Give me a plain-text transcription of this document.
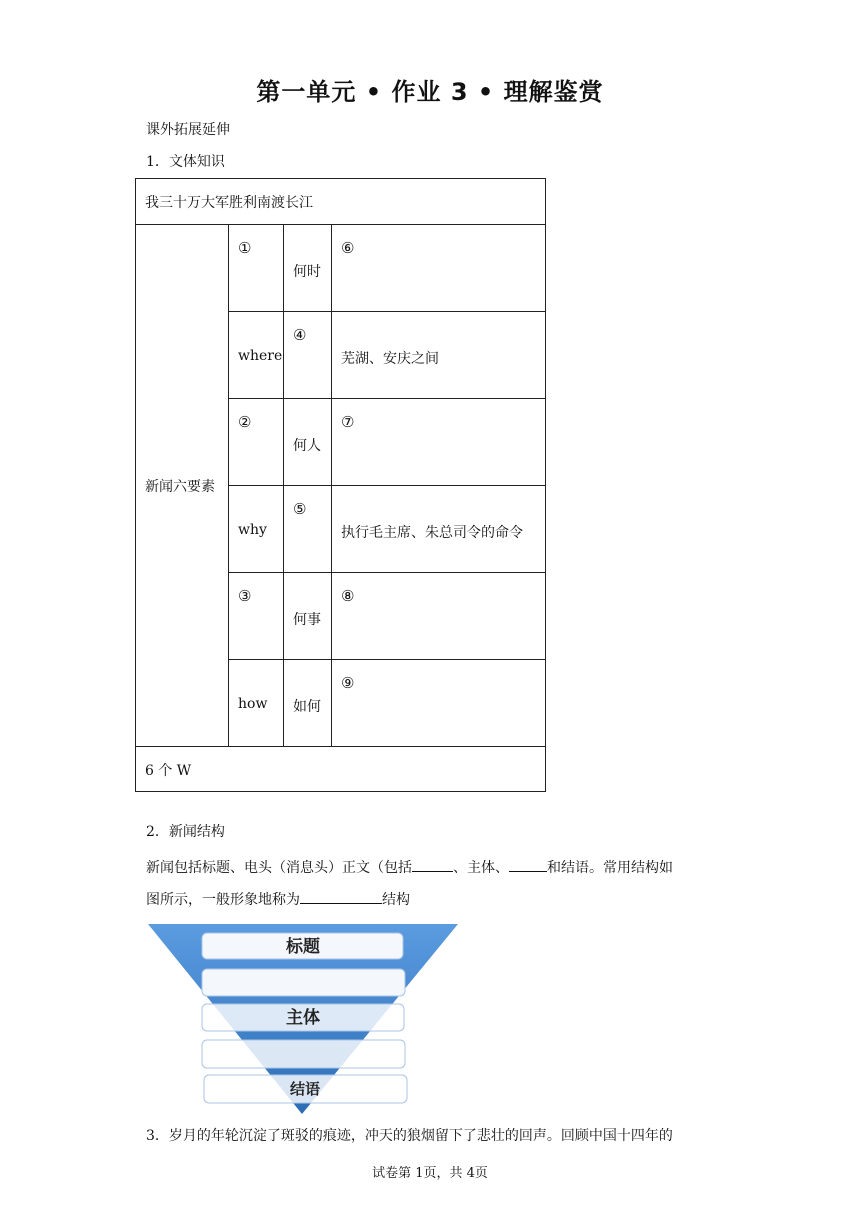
第一单元 • 作业 3 • 理解鉴赏
课外拓展延伸
1．文体知识
我三十万大军胜利南渡长江			

新闻六要素	①	何时	⑥

	where	④	芜湖、安庆之间

	②	何人	⑦

	why	⑤	执行毛主席、朱总司令的命令

	③	何事	⑧

	how	如何	⑨

6 个 W			
2．新闻结构
新闻包括标题、电头（消息头）正文（包括	、主体、	和结语。常用结构如
图所示，一般形象地称为	结构
标题
主体
结语
3．岁月的年轮沉淀了斑驳的痕迹，冲天的狼烟留下了悲壮的回声。回顾中国十四年的
试卷第 1页，共 4页
